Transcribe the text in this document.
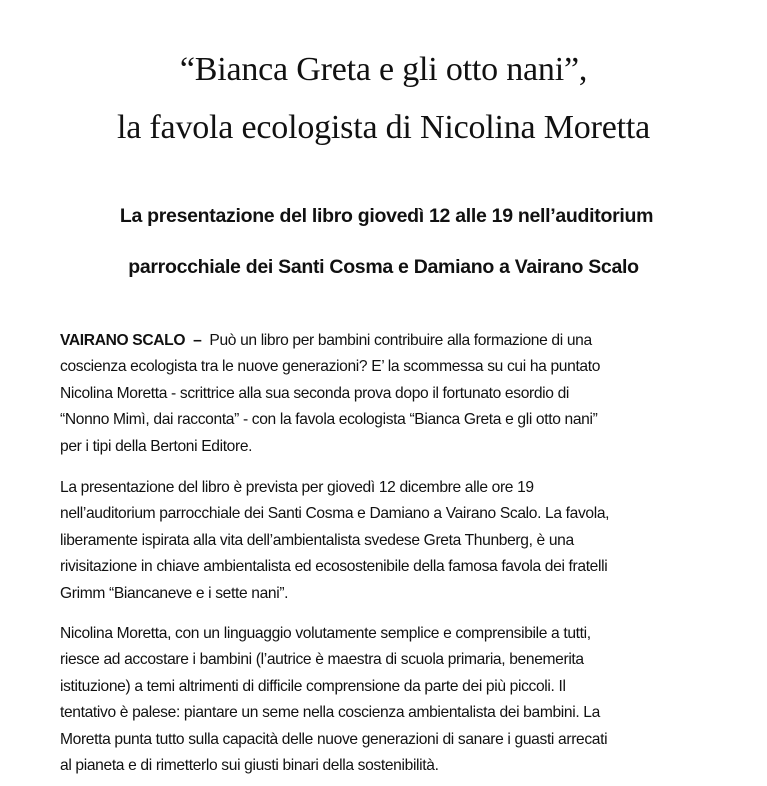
“Bianca Greta e gli otto nani”,
la favola ecologista di Nicolina Moretta
La presentazione del libro giovedì 12 alle 19 nell’auditorium
parrocchiale dei Santi Cosma e Damiano a Vairano Scalo

VAIRANO SCALO  –  Può un libro per bambini contribuire alla formazione di una
coscienza ecologista tra le nuove generazioni? E’ la scommessa su cui ha puntato
Nicolina Moretta - scrittrice alla sua seconda prova dopo il fortunato esordio di
“Nonno Mimì, dai racconta” - con la favola ecologista “Bianca Greta e gli otto nani”
per i tipi della Bertoni Editore.

La presentazione del libro è prevista per giovedì 12 dicembre alle ore 19
nell’auditorium parrocchiale dei Santi Cosma e Damiano a Vairano Scalo. La favola,
liberamente ispirata alla vita dell’ambientalista svedese Greta Thunberg, è una
rivisitazione in chiave ambientalista ed ecosostenibile della famosa favola dei fratelli
Grimm “Biancaneve e i sette nani”.

Nicolina Moretta, con un linguaggio volutamente semplice e comprensibile a tutti,
riesce ad accostare i bambini (l’autrice è maestra di scuola primaria, benemerita
istituzione) a temi altrimenti di difficile comprensione da parte dei più piccoli. Il
tentativo è palese: piantare un seme nella coscienza ambientalista dei bambini. La
Moretta punta tutto sulla capacità delle nuove generazioni di sanare i guasti arrecati
al pianeta e di rimetterlo sui giusti binari della sostenibilità.
